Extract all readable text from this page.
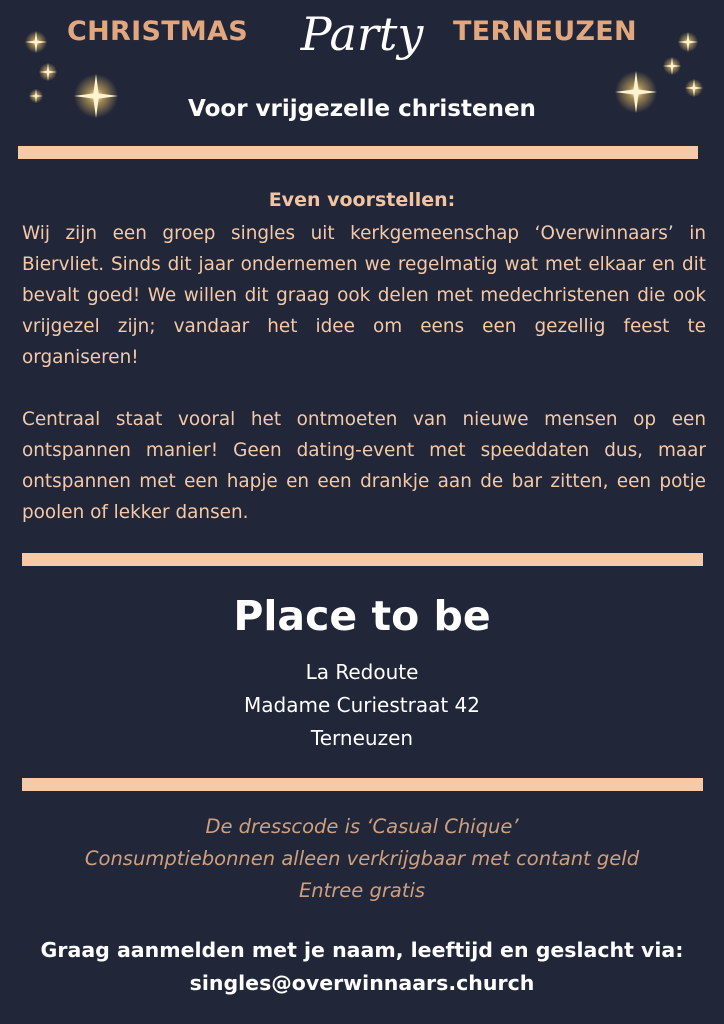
CHRISTMAS Party TERNEUZEN
Voor vrijgezelle christenen
Even voorstellen:
Wij zijn een groep singles uit kerkgemeenschap ‘Overwinnaars’ in Biervliet. Sinds dit jaar ondernemen we regelmatig wat met elkaar en dit bevalt goed! We willen dit graag ook delen met medechristenen die ook vrijgezel zijn; vandaar het idee om eens een gezellig feest te organiseren!
Centraal staat vooral het ontmoeten van nieuwe mensen op een ontspannen manier! Geen dating-event met speeddaten dus, maar ontspannen met een hapje en een drankje aan de bar zitten, een potje poolen of lekker dansen.
Place to be
La Redoute
Madame Curiestraat 42
Terneuzen
De dresscode is ‘Casual Chique’
Consumptiebonnen alleen verkrijgbaar met contant geld
Entree gratis
Graag aanmelden met je naam, leeftijd en geslacht via:
singles@overwinnaars.church
